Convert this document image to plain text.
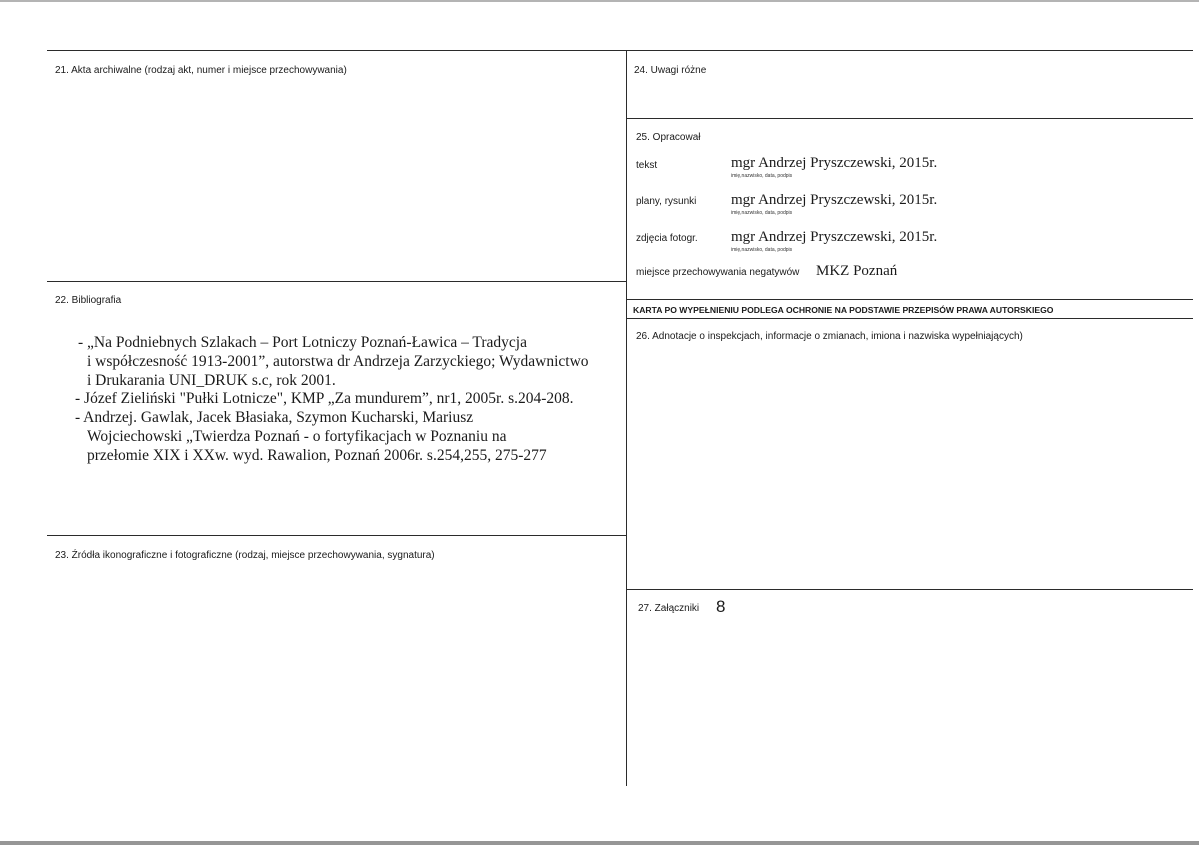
21. Akta archiwalne (rodzaj akt, numer i miejsce przechowywania)
22. Bibliografia
- „Na Podniebnych Szlakach – Port Lotniczy Poznań-Ławica – Tradycja
i współczesność 1913-2001”, autorstwa dr Andrzeja Zarzyckiego; Wydawnictwo
i Drukarania UNI_DRUK s.c, rok 2001.
- Józef Zieliński "Pułki Lotnicze", KMP „Za mundurem”, nr1, 2005r. s.204-208.
- Andrzej. Gawlak, Jacek Błasiaka, Szymon Kucharski, Mariusz
Wojciechowski „Twierdza Poznań - o fortyfikacjach w Poznaniu na
przełomie XIX i XXw. wyd. Rawalion, Poznań 2006r. s.254,255, 275-277
23. Źródła ikonograficzne i fotograficzne (rodzaj, miejsce przechowywania, sygnatura)
24. Uwagi różne
25. Opracował
tekst	mgr Andrzej Pryszczewski, 2015r.
imię,nazwisko, data, podpis
plany, rysunki mgr Andrzej Pryszczewski, 2015r.
imię,nazwisko, data, podpis
zdjęcia fotogr. mgr Andrzej Pryszczewski, 2015r.
imię,nazwisko, data, podpis
miejsce przechowywania negatywów MKZ Poznań
KARTA PO WYPEŁNIENIU PODLEGA OCHRONIE NA PODSTAWIE PRZEPISÓW PRAWA AUTORSKIEGO
26. Adnotacje o inspekcjach, informacje o zmianach, imiona i nazwiska wypełniających)
27. Załączniki 8
